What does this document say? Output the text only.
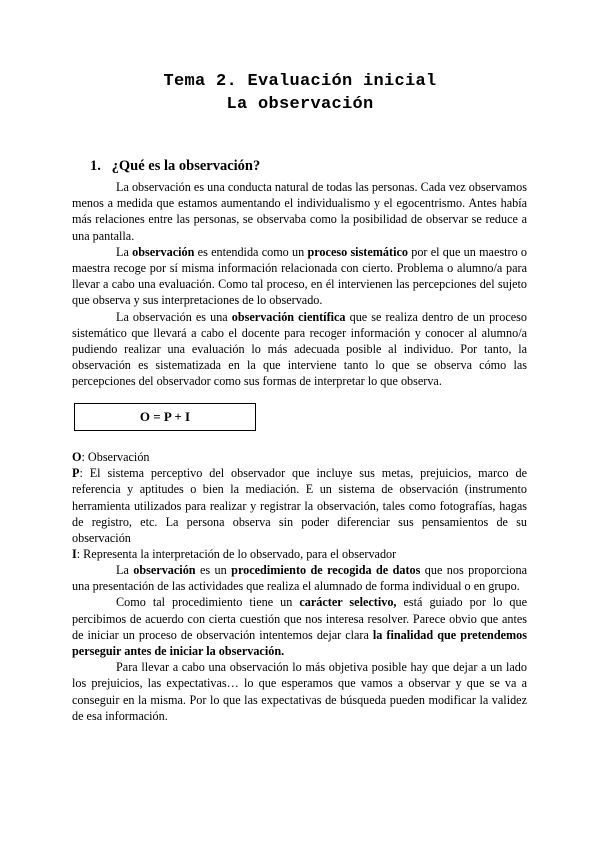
Tema 2. Evaluación inicial
La observación
1. ¿Qué es la observación?

La observación es una conducta natural de todas las personas. Cada vez observamos menos a medida que estamos aumentando el individualismo y el egocentrismo. Antes había más relaciones entre las personas, se observaba como la posibilidad de observar se reduce a una pantalla.

La observación es entendida como un proceso sistemático por el que un maestro o maestra recoge por sí misma información relacionada con cierto. Problema o alumno/a para llevar a cabo una evaluación. Como tal proceso, en él intervienen las percepciones del sujeto que observa y sus interpretaciones de lo observado.

La observación es una observación científica que se realiza dentro de un proceso sistemático que llevará a cabo el docente para recoger información y conocer al alumno/a pudiendo realizar una evaluación lo más adecuada posible al individuo. Por tanto, la observación es sistematizada en la que interviene tanto lo que se observa cómo las percepciones del observador como sus formas de interpretar lo que observa.

O = P + I

O: Observación

P: El sistema perceptivo del observador que incluye sus metas, prejuicios, marco de referencia y aptitudes o bien la mediación. E un sistema de observación (instrumento herramienta utilizados para realizar y registrar la observación, tales como fotografías, hagas de registro, etc. La persona observa sin poder diferenciar sus pensamientos de su observación

I: Representa la interpretación de lo observado, para el observador

La observación es un procedimiento de recogida de datos que nos proporciona una presentación de las actividades que realiza el alumnado de forma individual o en grupo.

Como tal procedimiento tiene un carácter selectivo, está guiado por lo que percibimos de acuerdo con cierta cuestión que nos interesa resolver. Parece obvio que antes de iniciar un proceso de observación intentemos dejar clara la finalidad que pretendemos perseguir antes de iniciar la observación.

Para llevar a cabo una observación lo más objetiva posible hay que dejar a un lado los prejuicios, las expectativas… lo que esperamos que vamos a observar y que se va a conseguir en la misma. Por lo que las expectativas de búsqueda pueden modificar la validez de esa información.
